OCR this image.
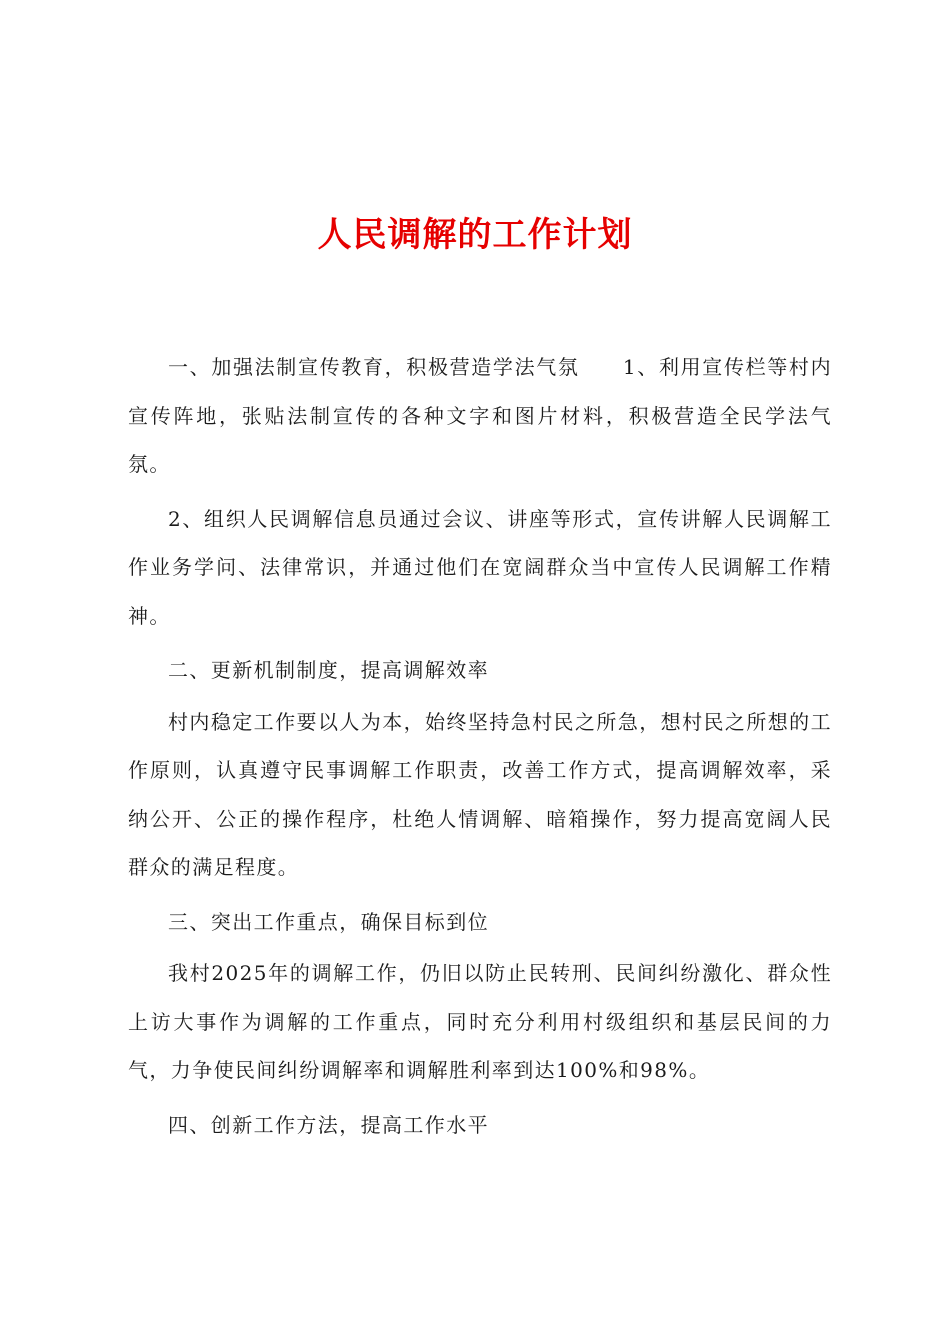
人民调解的工作计划

一、加强法制宣传教育，积极营造学法气氛　　1、利用宣传栏等村内宣传阵地，张贴法制宣传的各种文字和图片材料，积极营造全民学法气氛。

2、组织人民调解信息员通过会议、讲座等形式，宣传讲解人民调解工作业务学问、法律常识，并通过他们在宽阔群众当中宣传人民调解工作精神。

二、更新机制制度，提高调解效率

村内稳定工作要以人为本，始终坚持急村民之所急，想村民之所想的工作原则，认真遵守民事调解工作职责，改善工作方式，提高调解效率，采纳公开、公正的操作程序，杜绝人情调解、暗箱操作，努力提高宽阔人民群众的满足程度。

三、突出工作重点，确保目标到位

我村2025年的调解工作，仍旧以防止民转刑、民间纠纷激化、群众性上访大事作为调解的工作重点，同时充分利用村级组织和基层民间的力气，力争使民间纠纷调解率和调解胜利率到达100%和98%。

四、创新工作方法，提高工作水平
